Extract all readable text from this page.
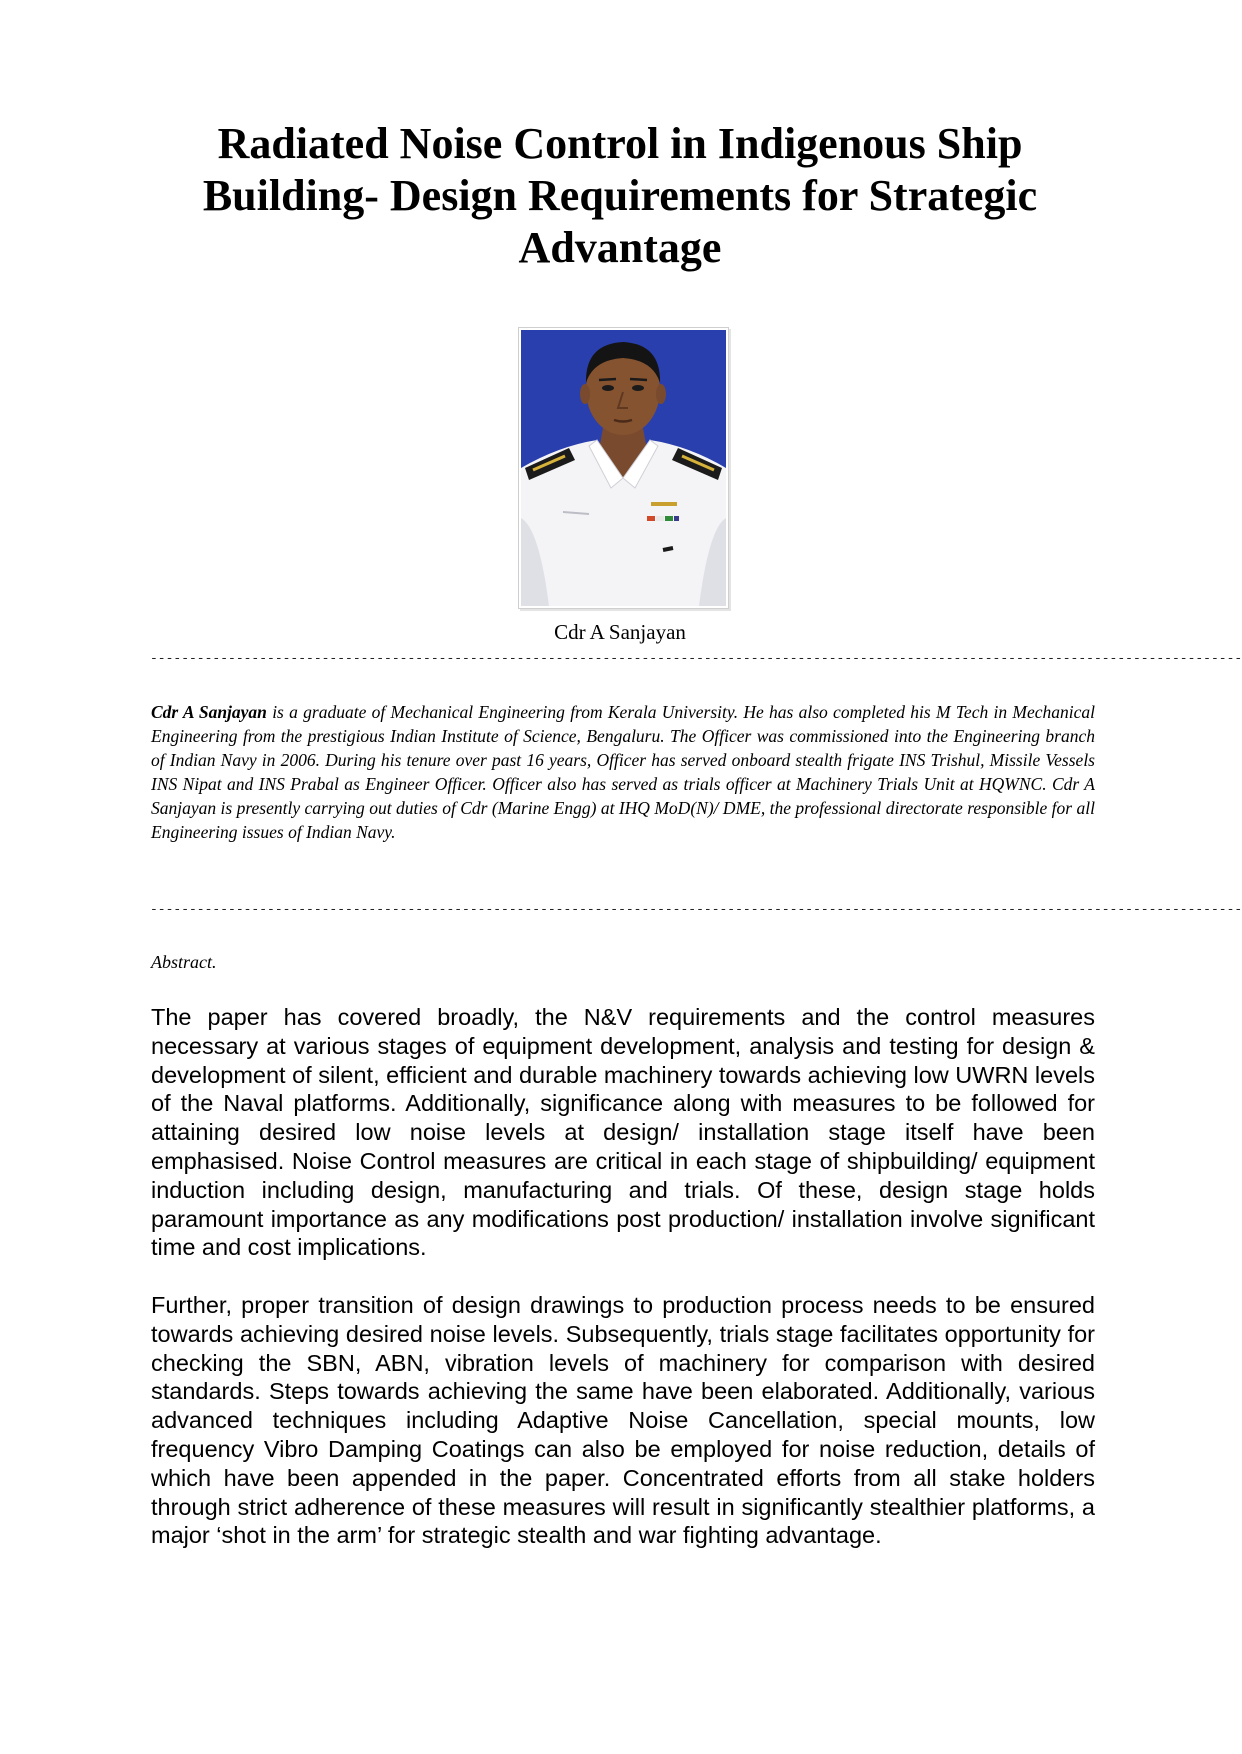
Radiated Noise Control in Indigenous Ship Building- Design Requirements for Strategic Advantage
Cdr A Sanjayan
--------------------------------------------------------------------------------------------------------------------------------------------

Cdr A Sanjayan is a graduate of Mechanical Engineering from Kerala University. He has also completed his M Tech in Mechanical Engineering from the prestigious Indian Institute of Science, Bengaluru. The Officer was commissioned into the Engineering branch of Indian Navy in 2006. During his tenure over past 16 years, Officer has served onboard stealth frigate INS Trishul, Missile Vessels INS Nipat and INS Prabal as Engineer Officer. Officer also has served as trials officer at Machinery Trials Unit at HQWNC. Cdr A Sanjayan is presently carrying out duties of Cdr (Marine Engg) at IHQ MoD(N)/ DME, the professional directorate responsible for all Engineering issues of Indian Navy.

--------------------------------------------------------------------------------------------------------------------------------------------
Abstract.

The paper has covered broadly, the N&V requirements and the control measures necessary at various stages of equipment development, analysis and testing for design & development of silent, efficient and durable machinery towards achieving low UWRN levels of the Naval platforms. Additionally, significance along with measures to be followed for attaining desired low noise levels at design/ installation stage itself have been emphasised. Noise Control measures are critical in each stage of shipbuilding/ equipment induction including design, manufacturing and trials. Of these, design stage holds paramount importance as any modifications post production/ installation involve significant time and cost implications.

Further, proper transition of design drawings to production process needs to be ensured towards achieving desired noise levels. Subsequently, trials stage facilitates opportunity for checking the SBN, ABN, vibration levels of machinery for comparison with desired standards. Steps towards achieving the same have been elaborated. Additionally, various advanced techniques including Adaptive Noise Cancellation, special mounts, low frequency Vibro Damping Coatings can also be employed for noise reduction, details of which have been appended in the paper. Concentrated efforts from all stake holders through strict adherence of these measures will result in significantly stealthier platforms, a major ‘shot in the arm’ for strategic stealth and war fighting advantage.
